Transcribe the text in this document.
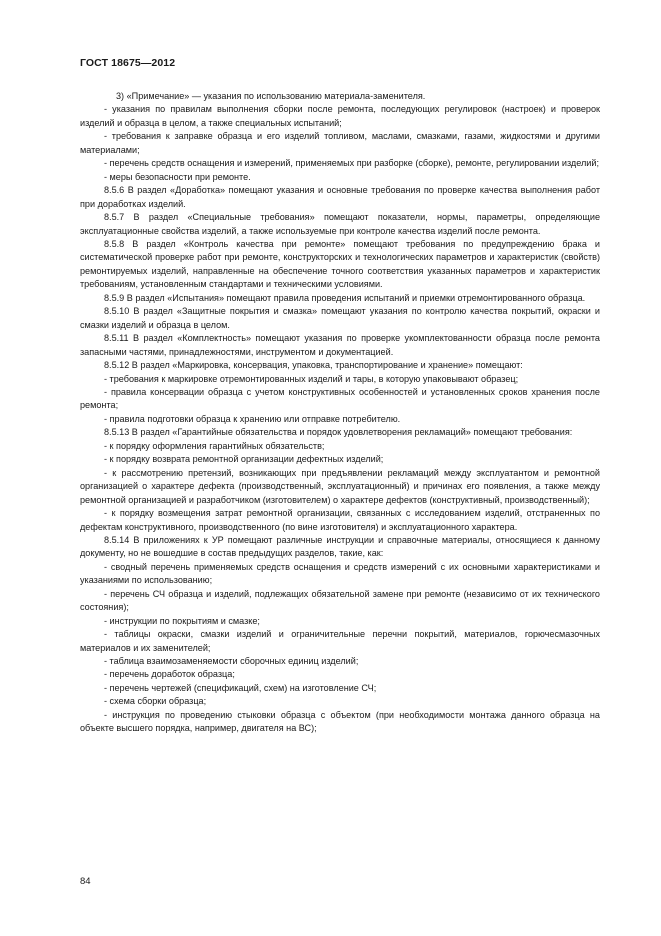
ГОСТ 18675—2012

3) «Примечание» — указания по использованию материала-заменителя.

- указания по правилам выполнения сборки после ремонта, последующих регулировок (настроек) и проверок изделий и образца в целом, а также специальных испытаний;

- требования к заправке образца и его изделий топливом, маслами, смазками, газами, жидкостями и другими материалами;

- перечень средств оснащения и измерений, применяемых при разборке (сборке), ремонте, регулировании изделий;

- меры безопасности при ремонте.

8.5.6 В раздел «Доработка» помещают указания и основные требования по проверке качества выполнения работ при доработках изделий.

8.5.7 В раздел «Специальные требования» помещают показатели, нормы, параметры, определяющие эксплуатационные свойства изделий, а также используемые при контроле качества изделий после ремонта.

8.5.8 В раздел «Контроль качества при ремонте» помещают требования по предупреждению брака и систематической проверке работ при ремонте, конструкторских и технологических параметров и характеристик (свойств) ремонтируемых изделий, направленные на обеспечение точного соответствия указанных параметров и характеристик требованиям, установленным стандартами и техническими условиями.

8.5.9 В раздел «Испытания» помещают правила проведения испытаний и приемки отремонтированного образца.

8.5.10 В раздел «Защитные покрытия и смазка» помещают указания по контролю качества покрытий, окраски и смазки изделий и образца в целом.

8.5.11 В раздел «Комплектность» помещают указания по проверке укомплектованности образца после ремонта запасными частями, принадлежностями, инструментом и документацией.

8.5.12 В раздел «Маркировка, консервация, упаковка, транспортирование и хранение» помещают:

- требования к маркировке отремонтированных изделий и тары, в которую упаковывают образец;

- правила консервации образца с учетом конструктивных особенностей и установленных сроков хранения после ремонта;

- правила подготовки образца к хранению или отправке потребителю.

8.5.13 В раздел «Гарантийные обязательства и порядок удовлетворения рекламаций» помещают требования:

- к порядку оформления гарантийных обязательств;

- к порядку возврата ремонтной организации дефектных изделий;

- к рассмотрению претензий, возникающих при предъявлении рекламаций между эксплуатантом и ремонтной организацией о характере дефекта (производственный, эксплуатационный) и причинах его появления, а также между ремонтной организацией и разработчиком (изготовителем) о характере дефектов (конструктивный, производственный);

- к порядку возмещения затрат ремонтной организации, связанных с исследованием изделий, отстраненных по дефектам конструктивного, производственного (по вине изготовителя) и эксплуатационного характера.

8.5.14 В приложениях к УР помещают различные инструкции и справочные материалы, относящиеся к данному документу, но не вошедшие в состав предыдущих разделов, такие, как:

- сводный перечень применяемых средств оснащения и средств измерений с их основными характеристиками и указаниями по использованию;

- перечень СЧ образца и изделий, подлежащих обязательной замене при ремонте (независимо от их технического состояния);

- инструкции по покрытиям и смазке;

- таблицы окраски, смазки изделий и ограничительные перечни покрытий, материалов, горючесмазочных материалов и их заменителей;

- таблица взаимозаменяемости сборочных единиц изделий;

- перечень доработок образца;

- перечень чертежей (спецификаций, схем) на изготовление СЧ;

- схема сборки образца;

- инструкция по проведению стыковки образца с объектом (при необходимости монтажа данного образца на объекте высшего порядка, например, двигателя на ВС);

84
